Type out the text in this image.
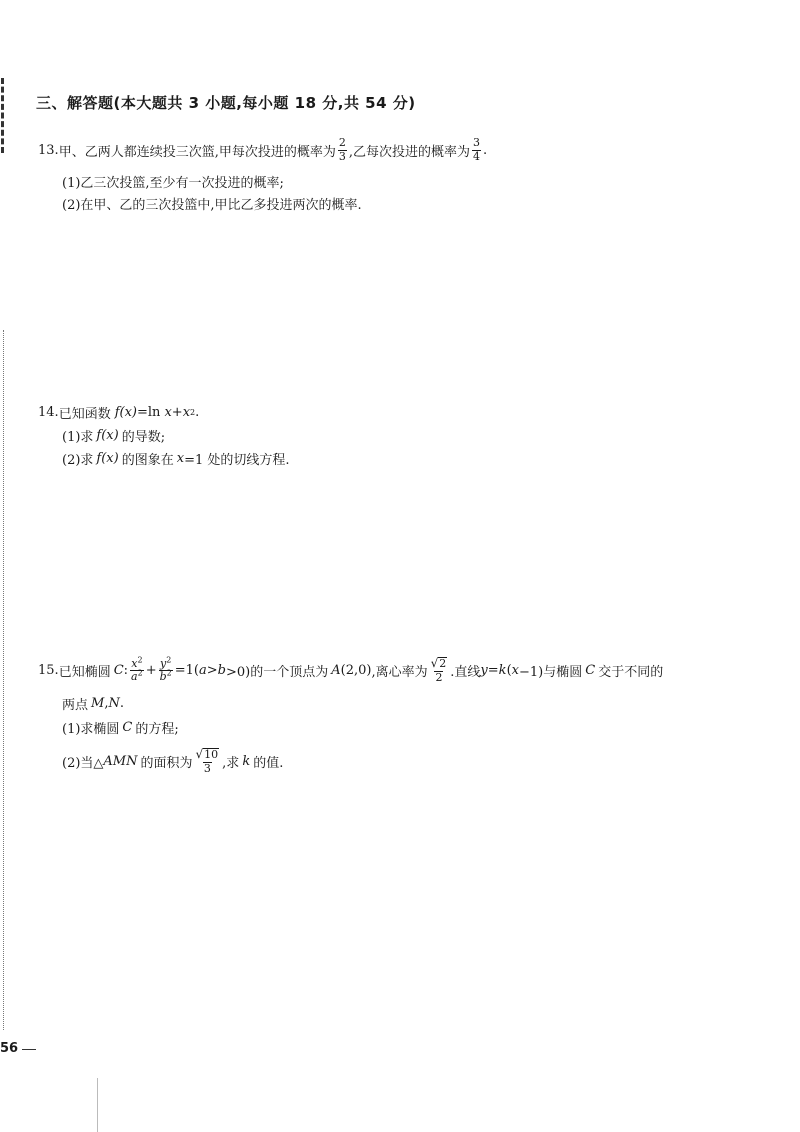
三、解答题(本大题共 3 小题,每小题 18 分,共 54 分)
13. 甲、乙两人都连续投三次篮,甲每次投进的概率为 $\frac{2}{3}$ ,乙每次投进的概率为 $\frac{3}{4}$ .
(1)乙三次投篮,至少有一次投进的概率;
(2)在甲、乙的三次投篮中,甲比乙多投进两次的概率.
14. 已知函数 f(x) =ln x + x 2 .
(1)求 f(x) 的导数;
(2)求 f(x) 的图象在 x =1 处的切线方程.
15. 已知椭圆 C : $\frac{x^2}{a^2} + \frac{y^2}{b^2} =1$( a > b >0)的一个顶点为 A (2,0) ,离心率为 $\frac{√ 2}{2}$ .直线 y = k ( x −1)与椭圆 C 交于不同的
两点 M , N .
(1)求椭圆 C 的方程;
(2)当△ AMN 的面积为 $\frac{√ 10}{3}$ ,求 k 的值.
56
